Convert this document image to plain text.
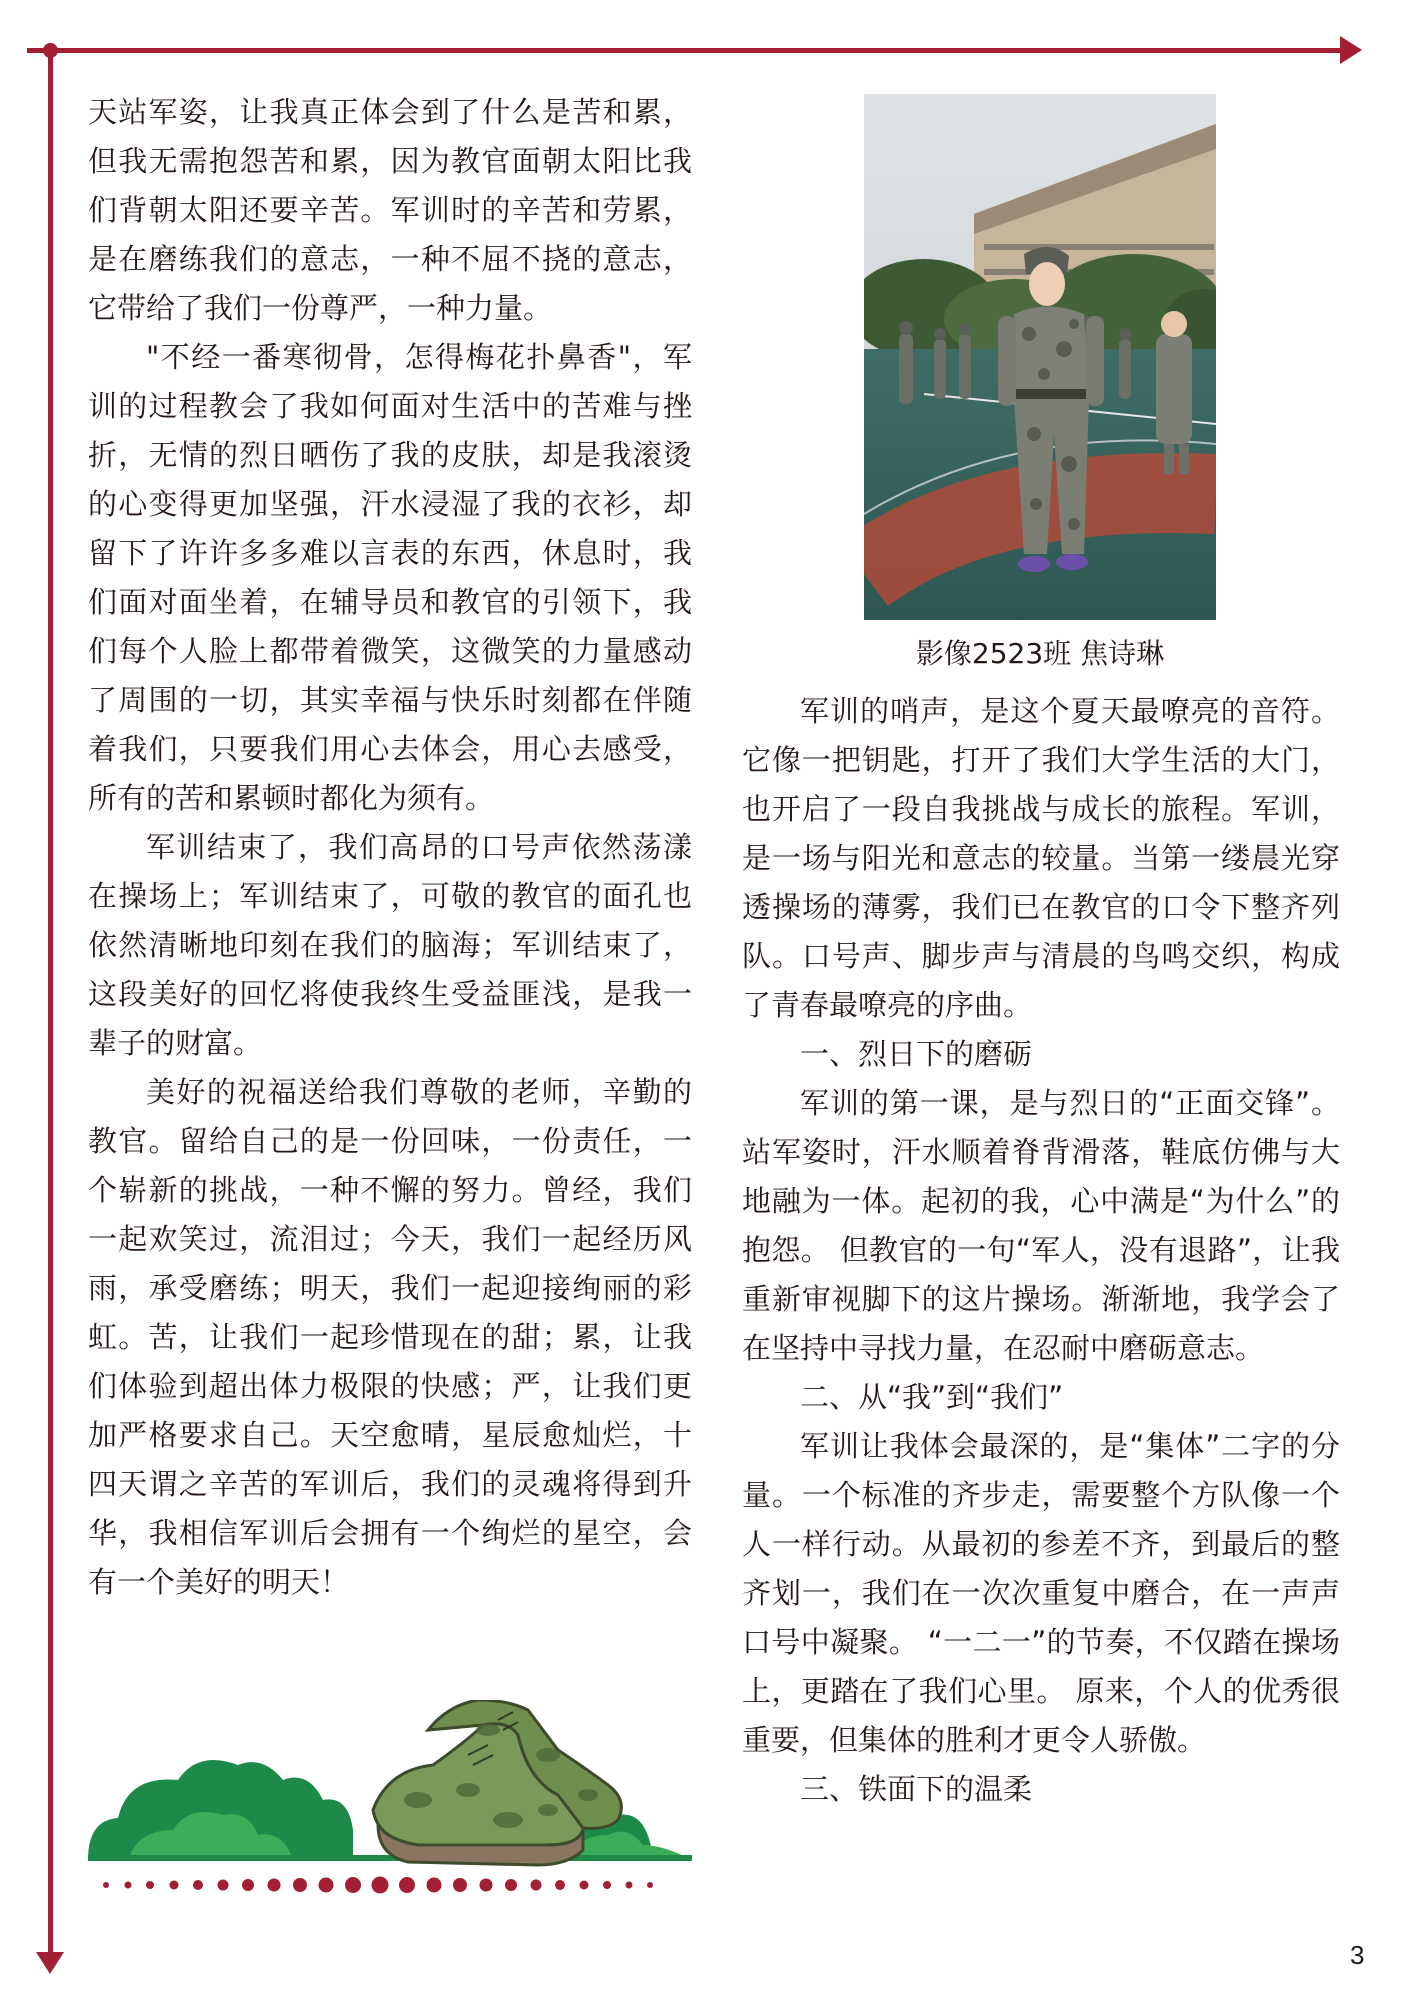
天站军姿，让我真正体会到了什么是苦和累，但我无需抱怨苦和累，因为教官面朝太阳比我们背朝太阳还要辛苦。军训时的辛苦和劳累，是在磨练我们的意志，一种不屈不挠的意志，它带给了我们一份尊严，一种力量。

"不经一番寒彻骨，怎得梅花扑鼻香"，军训的过程教会了我如何面对生活中的苦难与挫折，无情的烈日晒伤了我的皮肤，却是我滚烫的心变得更加坚强，汗水浸湿了我的衣衫，却留下了许许多多难以言表的东西，休息时，我们面对面坐着，在辅导员和教官的引领下，我们每个人脸上都带着微笑，这微笑的力量感动了周围的一切，其实幸福与快乐时刻都在伴随着我们，只要我们用心去体会，用心去感受，所有的苦和累顿时都化为须有。

军训结束了，我们高昂的口号声依然荡漾在操场上；军训结束了，可敬的教官的面孔也依然清晰地印刻在我们的脑海；军训结束了，这段美好的回忆将使我终生受益匪浅，是我一辈子的财富。

美好的祝福送给我们尊敬的老师，辛勤的教官。留给自己的是一份回味，一份责任，一个崭新的挑战，一种不懈的努力。曾经，我们一起欢笑过，流泪过；今天，我们一起经历风雨，承受磨练；明天，我们一起迎接绚丽的彩虹。苦，让我们一起珍惜现在的甜；累，让我们体验到超出体力极限的快感；严，让我们更加严格要求自己。天空愈晴，星辰愈灿烂，十四天谓之辛苦的军训后，我们的灵魂将得到升华，我相信军训后会拥有一个绚烂的星空，会有一个美好的明天！

影像2523班 焦诗琳

军训的哨声，是这个夏天最嘹亮的音符。它像一把钥匙，打开了我们大学生活的大门，也开启了一段自我挑战与成长的旅程。军训，是一场与阳光和意志的较量。当第一缕晨光穿透操场的薄雾，我们已在教官的口令下整齐列队。口号声、脚步声与清晨的鸟鸣交织，构成了青春最嘹亮的序曲。

一、烈日下的磨砺

军训的第一课，是与烈日的“正面交锋”。站军姿时，汗水顺着脊背滑落，鞋底仿佛与大地融为一体。起初的我，心中满是“为什么”的抱怨。 但教官的一句“军人，没有退路”，让我重新审视脚下的这片操场。渐渐地，我学会了在坚持中寻找力量，在忍耐中磨砺意志。

二、从“我”到“我们”

军训让我体会最深的，是“集体”二字的分量。一个标准的齐步走，需要整个方队像一个人一样行动。从最初的参差不齐，到最后的整齐划一，我们在一次次重复中磨合，在一声声口号中凝聚。 “一二一”的节奏，不仅踏在操场上，更踏在了我们心里。 原来，个人的优秀很重要，但集体的胜利才更令人骄傲。

三、铁面下的温柔

3
